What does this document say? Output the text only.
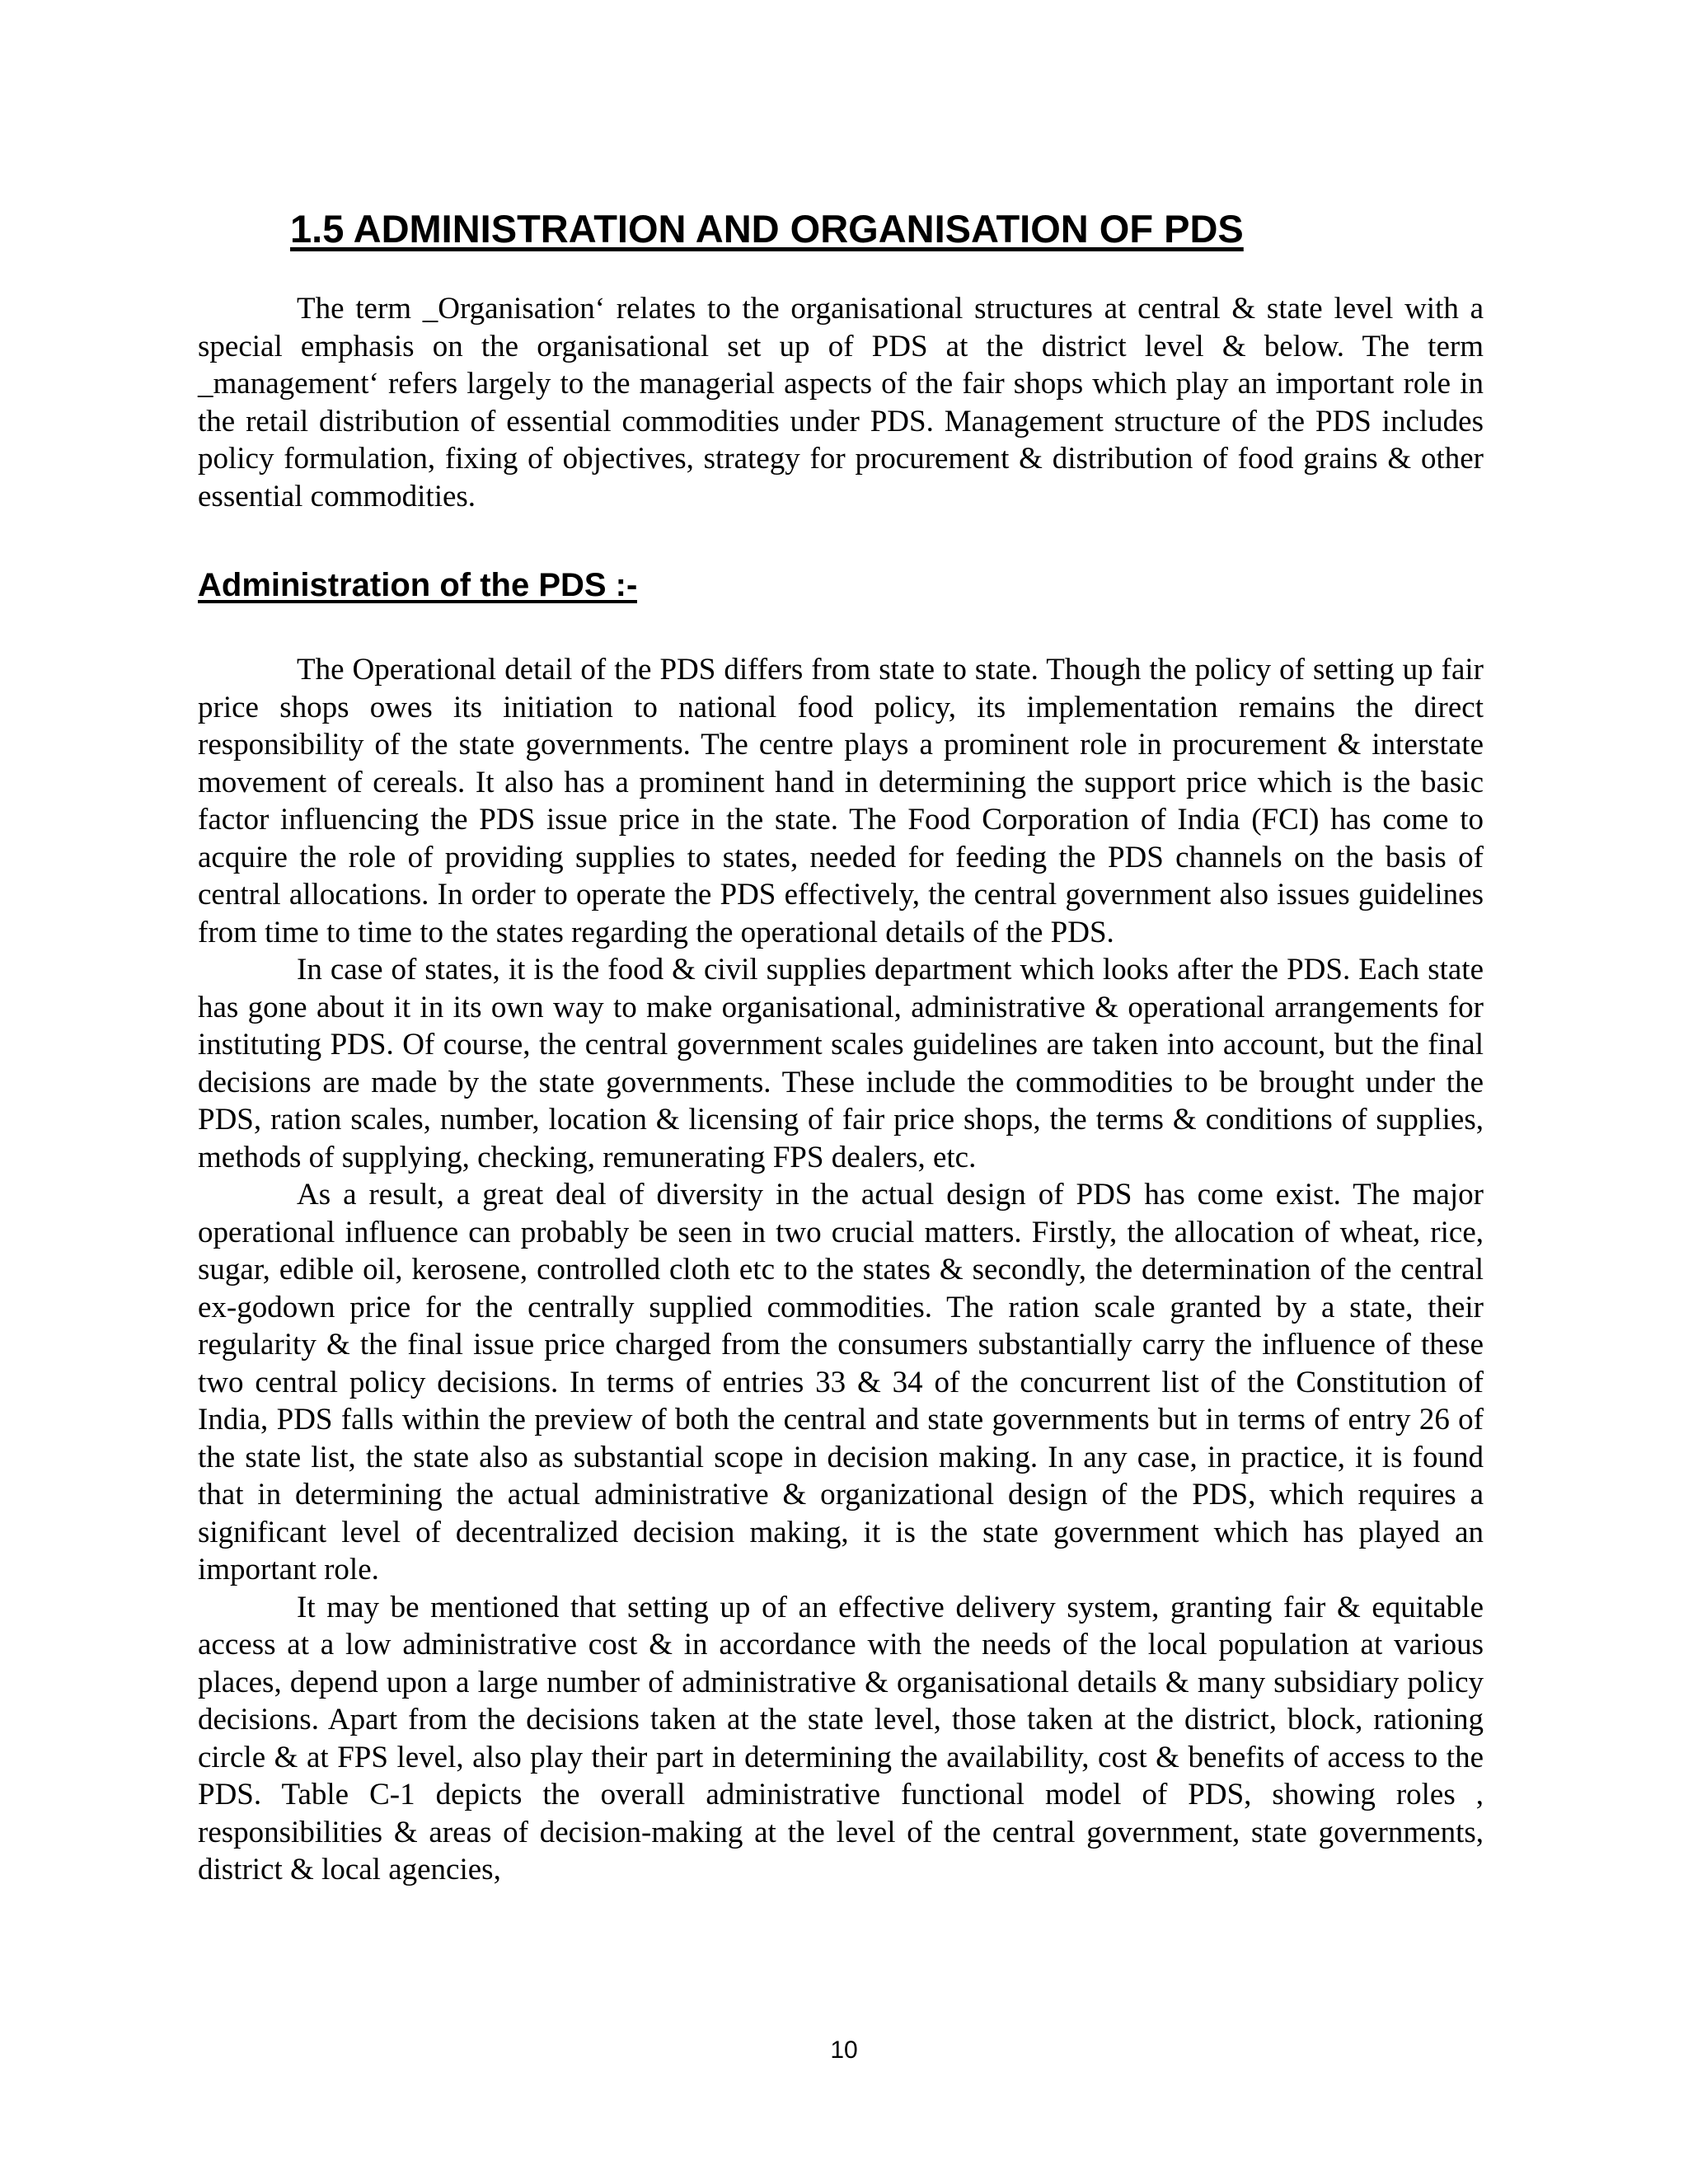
1.5 ADMINISTRATION AND ORGANISATION OF PDS

The term _Organisation‘ relates to the organisational structures at central & state level with a special emphasis on the organisational set up of PDS at the district level & below. The term _management‘ refers largely to the managerial aspects of the fair shops which play an important role in the retail distribution of essential commodities under PDS. Management structure of the PDS includes policy formulation, fixing of objectives, strategy for procurement & distribution of food grains & other essential commodities.

Administration of the PDS :-

The Operational detail of the PDS differs from state to state. Though the policy of setting up fair price shops owes its initiation to national food policy, its implementation remains the direct responsibility of the state governments. The centre plays a prominent role in procurement & interstate movement of cereals. It also has a prominent hand in determining the support price which is the basic factor influencing the PDS issue price in the state. The Food Corporation of India (FCI) has come to acquire the role of providing supplies to states, needed for feeding the PDS channels on the basis of central allocations. In order to operate the PDS effectively, the central government also issues guidelines from time to time to the states regarding the operational details of the PDS.

In case of states, it is the food & civil supplies department which looks after the PDS. Each state has gone about it in its own way to make organisational, administrative & operational arrangements for instituting PDS. Of course, the central government scales guidelines are taken into account, but the final decisions are made by the state governments. These include the commodities to be brought under the PDS, ration scales, number, location & licensing of fair price shops, the terms & conditions of supplies, methods of supplying, checking, remunerating FPS dealers, etc.

As a result, a great deal of diversity in the actual design of PDS has come exist. The major operational influence can probably be seen in two crucial matters. Firstly, the allocation of wheat, rice, sugar, edible oil, kerosene, controlled cloth etc to the states & secondly, the determination of the central ex-godown price for the centrally supplied commodities. The ration scale granted by a state, their regularity & the final issue price charged from the consumers substantially carry the influence of these two central policy decisions. In terms of entries 33 & 34 of the concurrent list of the Constitution of India, PDS falls within the preview of both the central and state governments but in terms of entry 26 of the state list, the state also as substantial scope in decision making. In any case, in practice, it is found that in determining the actual administrative & organizational design of the PDS, which requires a significant level of decentralized decision making, it is the state government which has played an important role.

It may be mentioned that setting up of an effective delivery system, granting fair & equitable access at a low administrative cost & in accordance with the needs of the local population at various places, depend upon a large number of administrative & organisational details & many subsidiary policy decisions. Apart from the decisions taken at the state level, those taken at the district, block, rationing circle & at FPS level, also play their part in determining the availability, cost & benefits of access to the PDS. Table C-1 depicts the overall administrative functional model of PDS, showing roles , responsibilities & areas of decision-making at the level of the central government, state governments, district & local agencies,

10
